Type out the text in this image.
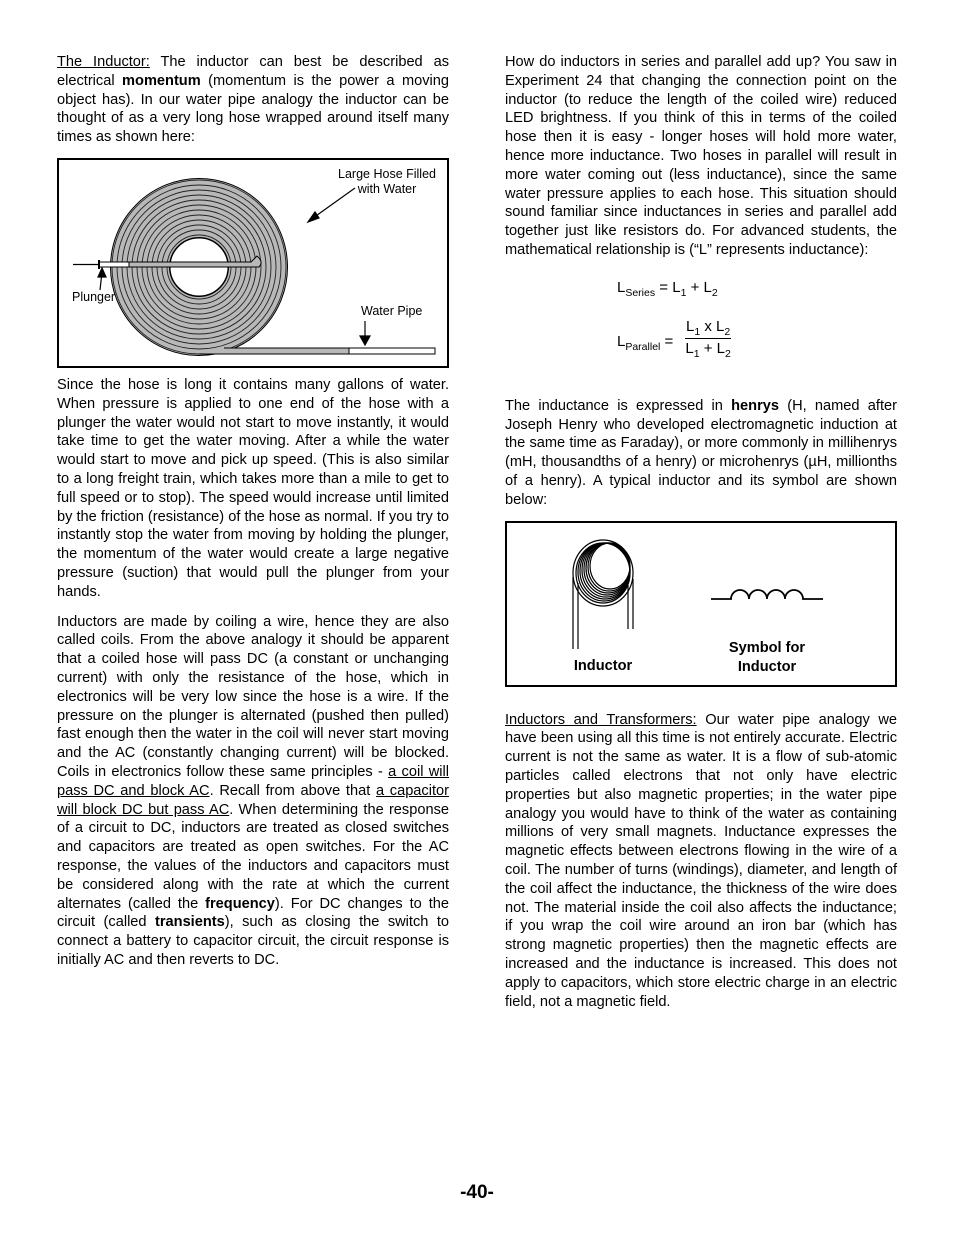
The Inductor: The inductor can best be described as electrical momentum (momentum is the power a moving object has). In our water pipe analogy the inductor can be thought of as a very long hose wrapped around itself many times as shown here:

Large Hose Filled with Water
Plunger
Water Pipe

Since the hose is long it contains many gallons of water. When pressure is applied to one end of the hose with a plunger the water would not start to move instantly, it would take time to get the water moving. After a while the water would start to move and pick up speed. (This is also similar to a long freight train, which takes more than a mile to get to full speed or to stop). The speed would increase until limited by the friction (resistance) of the hose as normal. If you try to instantly stop the water from moving by holding the plunger, the momentum of the water would create a large negative pressure (suction) that would pull the plunger from your hands.

Inductors are made by coiling a wire, hence they are also called coils. From the above analogy it should be apparent that a coiled hose will pass DC (a constant or unchanging current) with only the resistance of the hose, which in electronics will be very low since the hose is a wire. If the pressure on the plunger is alternated (pushed then pulled) fast enough then the water in the coil will never start moving and the AC (constantly changing current) will be blocked. Coils in electronics follow these same principles - a coil will pass DC and block AC. Recall from above that a capacitor will block DC but pass AC. When determining the response of a circuit to DC, inductors are treated as closed switches and capacitors are treated as open switches. For the AC response, the values of the inductors and capacitors must be considered along with the rate at which the current alternates (called the frequency). For DC changes to the circuit (called transients), such as closing the switch to connect a battery to capacitor circuit, the circuit response is initially AC and then reverts to DC.

How do inductors in series and parallel add up? You saw in Experiment 24 that changing the connection point on the inductor (to reduce the length of the coiled wire) reduced LED brightness. If you think of this in terms of the coiled hose then it is easy - longer hoses will hold more water, hence more inductance. Two hoses in parallel will result in more water coming out (less inductance), since the same water pressure applies to each hose. This situation should sound familiar since inductances in series and parallel add together just like resistors do. For advanced students, the mathematical relationship is (“L” represents inductance):

$L_{Series} = L_1 + L_2$
$L_{Parallel} = \frac{L_1 x L_2}{L_1 + L_2}$

The inductance is expressed in henrys (H, named after Joseph Henry who developed electromagnetic induction at the same time as Faraday), or more commonly in millihenrys (mH, thousandths of a henry) or microhenrys (µH, millionths of a henry). A typical inductor and its symbol are shown below:

Inductor
Symbol for Inductor

Inductors and Transformers: Our water pipe analogy we have been using all this time is not entirely accurate. Electric current is not the same as water. It is a flow of sub-atomic particles called electrons that not only have electric properties but also magnetic properties; in the water pipe analogy you would have to think of the water as containing millions of very small magnets. Inductance expresses the magnetic effects between electrons flowing in the wire of a coil. The number of turns (windings), diameter, and length of the coil affect the inductance, the thickness of the wire does not. The material inside the coil also affects the inductance; if you wrap the coil wire around an iron bar (which has strong magnetic properties) then the magnetic effects are increased and the inductance is increased. This does not apply to capacitors, which store electric charge in an electric field, not a magnetic field.

-40-
